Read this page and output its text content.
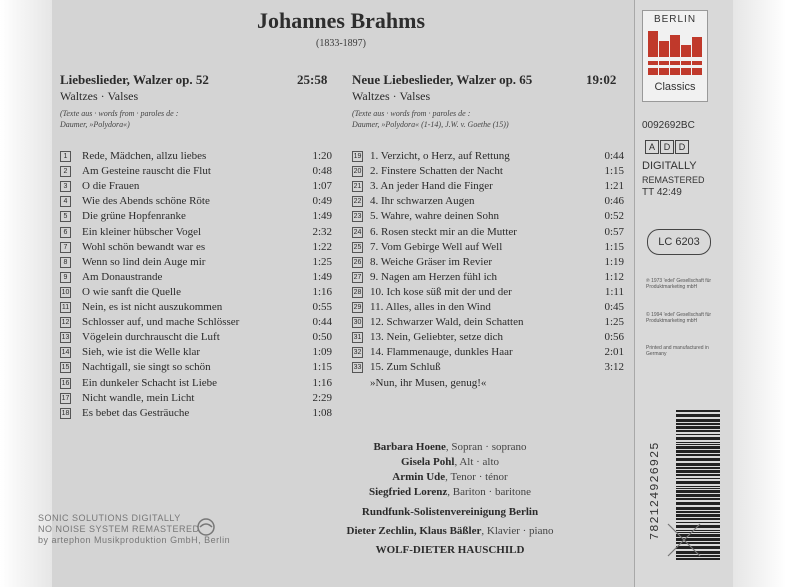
Johannes Brahms
(1833-1897)
Liebeslieder, Walzer op. 52	25:58
Waltzes · Valses
(Texte aus · words from · paroles de :
Daumer, »Polydora«)
1	Rede, Mädchen, allzu liebes	1:20
2	Am Gesteine rauscht die Flut	0:48
3	O die Frauen	1:07
4	Wie des Abends schöne Röte	0:49
5	Die grüne Hopfenranke	1:49
6	Ein kleiner hübscher Vogel	2:32
7	Wohl schön bewandt war es	1:22
8	Wenn so lind dein Auge mir	1:25
9	Am Donaustrande	1:49
10	O wie sanft die Quelle	1:16
11	Nein, es ist nicht auszukommen	0:55
12	Schlosser auf, und mache Schlösser	0:44
13	Vögelein durchrauscht die Luft	0:50
14	Sieh, wie ist die Welle klar	1:09
15	Nachtigall, sie singt so schön	1:15
16	Ein dunkeler Schacht ist Liebe	1:16
17	Nicht wandle, mein Licht	2:29
18	Es bebet das Gesträuche	1:08
Neue Liebeslieder, Walzer op. 65	19:02
Waltzes · Valses
(Texte aus · words from · paroles de :
Daumer, »Polydora« (1-14), J.W. v. Goethe (15))
19 1. Verzicht, o Herz, auf Rettung	0:44
20 2. Finstere Schatten der Nacht	1:15
21 3. An jeder Hand die Finger	1:21
22 4. Ihr schwarzen Augen	0:46
23 5. Wahre, wahre deinen Sohn	0:52
24 6. Rosen steckt mir an die Mutter	0:57
25 7. Vom Gebirge Well auf Well	1:15
26 8. Weiche Gräser im Revier	1:19
27 9. Nagen am Herzen fühl ich	1:12
28 10. Ich kose süß mit der und der	1:11
29 11. Alles, alles in den Wind	0:45
30 12. Schwarzer Wald, dein Schatten	1:25
31 13. Nein, Geliebter, setze dich	0:56
32 14. Flammenauge, dunkles Haar	2:01
33 15. Zum Schluß	3:12
»Nun, ihr Musen, genug!«
Barbara Hoene, Sopran · soprano
Gisela Pohl, Alt · alto
Armin Ude, Tenor · ténor
Siegfried Lorenz, Bariton · baritone
Rundfunk-Solistenvereinigung Berlin
Dieter Zechlin, Klaus Bäßler, Klavier · piano
WOLF-DIETER HAUSCHILD
SONIC SOLUTIONS DIGITALLY
NO NOISE SYSTEM REMASTERED
by artephon Musikproduktion GmbH, Berlin
BERLIN
Classics
0092692BC
A D D
DIGITALLY
REMASTERED
TT 42:49
LC 6203
℗ 1973 'edel' Gesellschaft für Produktmarketing mbH
© 1994 'edel' Gesellschaft für Produktmarketing mbH
Printed and manufactured in Germany
782124926925
